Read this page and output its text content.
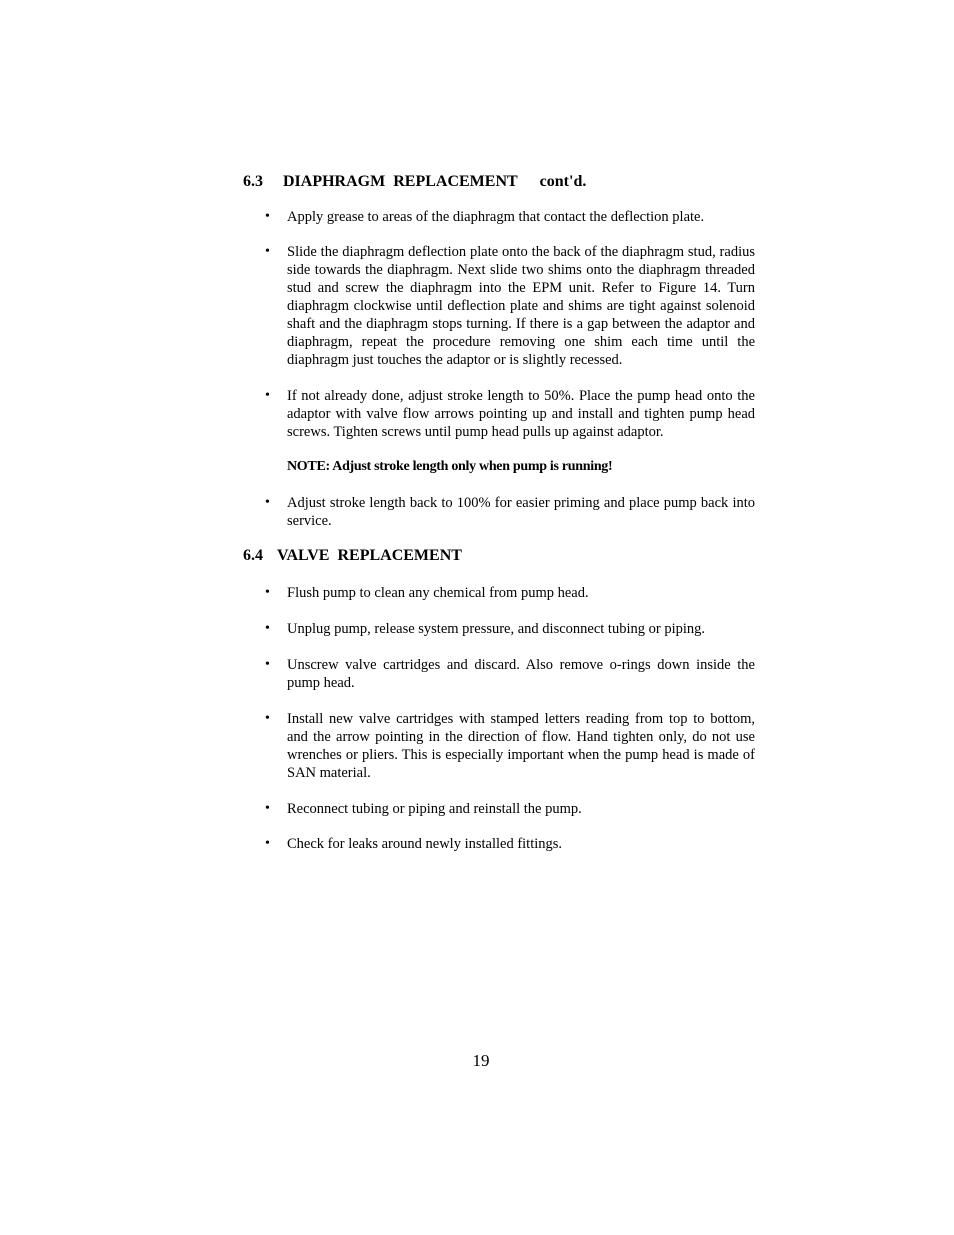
6.3 DIAPHRAGM  REPLACEMENT cont'd.
• Apply grease to areas of the diaphragm that contact the deflection plate.
• Slide the diaphragm deflection plate onto the back of the diaphragm stud, radius side towards the diaphragm. Next slide two shims onto the diaphragm threaded stud and screw the diaphragm into the EPM unit. Refer to Figure 14. Turn diaphragm clockwise until deflection plate and shims are tight against solenoid shaft and the diaphragm stops turning. If there is a gap between the adaptor and diaphragm, repeat the procedure removing one shim each time until the diaphragm just touches the adaptor or is slightly recessed.
• If not already done, adjust stroke length to 50%. Place the pump head onto the adaptor with valve flow arrows pointing up and install and tighten pump head screws. Tighten screws until pump head pulls up against adaptor.
NOTE: Adjust stroke length only when pump is running!
• Adjust stroke length back to 100% for easier priming and place pump back into service.
6.4 VALVE  REPLACEMENT
• Flush pump to clean any chemical from pump head.
• Unplug pump, release system pressure, and disconnect tubing or piping.
• Unscrew valve cartridges and discard. Also remove o-rings down inside the pump head.
• Install new valve cartridges with stamped letters reading from top to bottom, and the arrow pointing in the direction of flow. Hand tighten only, do not use wrenches or pliers. This is especially important when the pump head is made of SAN material.
• Reconnect tubing or piping and reinstall the pump.
• Check for leaks around newly installed fittings.
19
